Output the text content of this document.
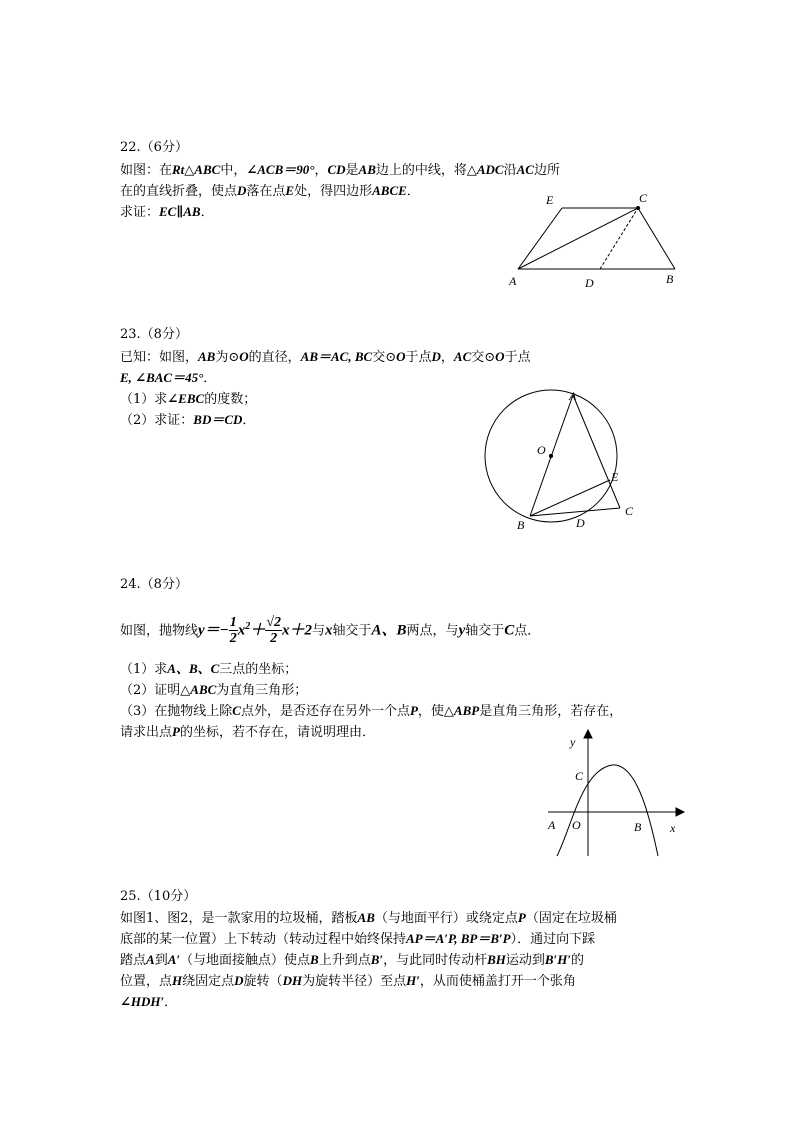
22.（6分）
如图：在Rt△ABC中，∠ACB＝90°，CD是AB边上的中线，将△ADC沿AC边所
在的直线折叠，使点D落在点E处，得四边形ABCE．
求证：EC∥AB．
E	C
A	D	B
23.（8分）
已知：如图，AB为⊙O的直径，AB＝AC, BC交⊙O于点D，AC交⊙O于点
E, ∠BAC＝45°．
（1）求∠EBC的度数；
（2）求证：BD＝CD．
A
O
E
B	D
C
24.（8分）
如图，抛物线$y=- \frac{1}{2} x^2+ \frac{√2}{2} x+2$与x轴交于A、B两点，与y轴交于C点．
（1）求A、B、C三点的坐标；
（2）证明△ABC为直角三角形；
（3）在抛物线上除C点外，是否还存在另外一个点P，使△ABP是直角三角形，若存在，
请求出点P的坐标，若不存在，请说明理由．
y
x
C
A O	B
25.（10分）
如图1、图2，是一款家用的垃圾桶，踏板AB（与地面平行）或绕定点P（固定在垃圾桶
底部的某一位置）上下转动（转动过程中始终保持AP＝A′P, BP＝B′P）．通过向下踩
踏点A到A′（与地面接触点）使点B上升到点B′，与此同时传动杆BH运动到B′H′的
位置，点H绕固定点D旋转（DH为旋转半径）至点H′，从而使桶盖打开一个张角
∠HDH′．
